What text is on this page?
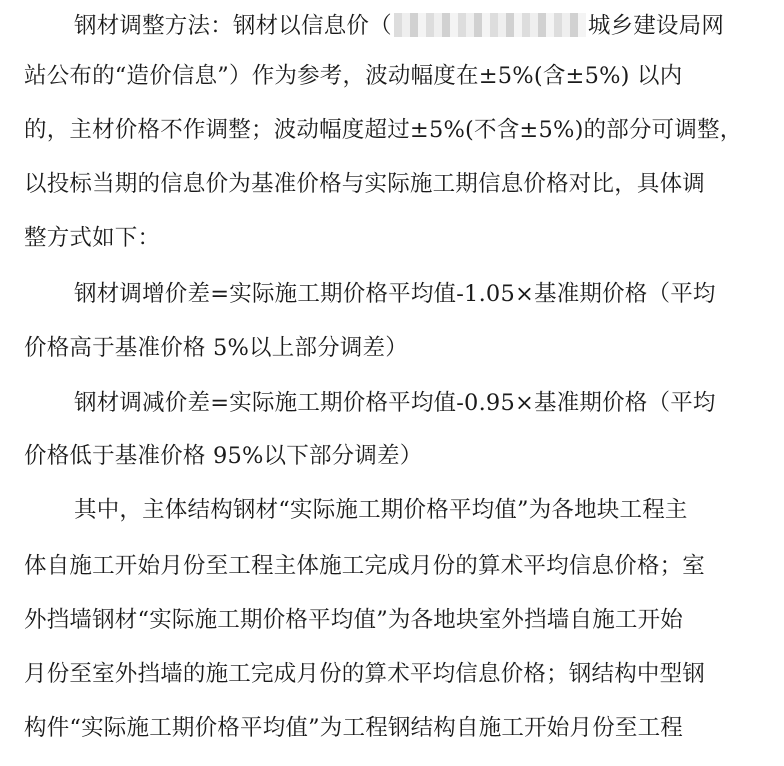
钢材调整方法：钢材以信息价（	城乡建设局网
站公布的“造价信息”）作为参考，波动幅度在±5%(含±5%) 以内
的，主材价格不作调整；波动幅度超过±5%(不含±5%)的部分可调整，
以投标当期的信息价为基准价格与实际施工期信息价格对比，具体调
整方式如下：
钢材调增价差=实际施工期价格平均值-1.05×基准期价格（平均
价格高于基准价格 5%以上部分调差）
钢材调减价差=实际施工期价格平均值-0.95×基准期价格（平均
价格低于基准价格 95%以下部分调差）
其中，主体结构钢材“实际施工期价格平均值”为各地块工程主
体自施工开始月份至工程主体施工完成月份的算术平均信息价格；室
外挡墙钢材“实际施工期价格平均值”为各地块室外挡墙自施工开始
月份至室外挡墙的施工完成月份的算术平均信息价格；钢结构中型钢
构件“实际施工期价格平均值”为工程钢结构自施工开始月份至工程
